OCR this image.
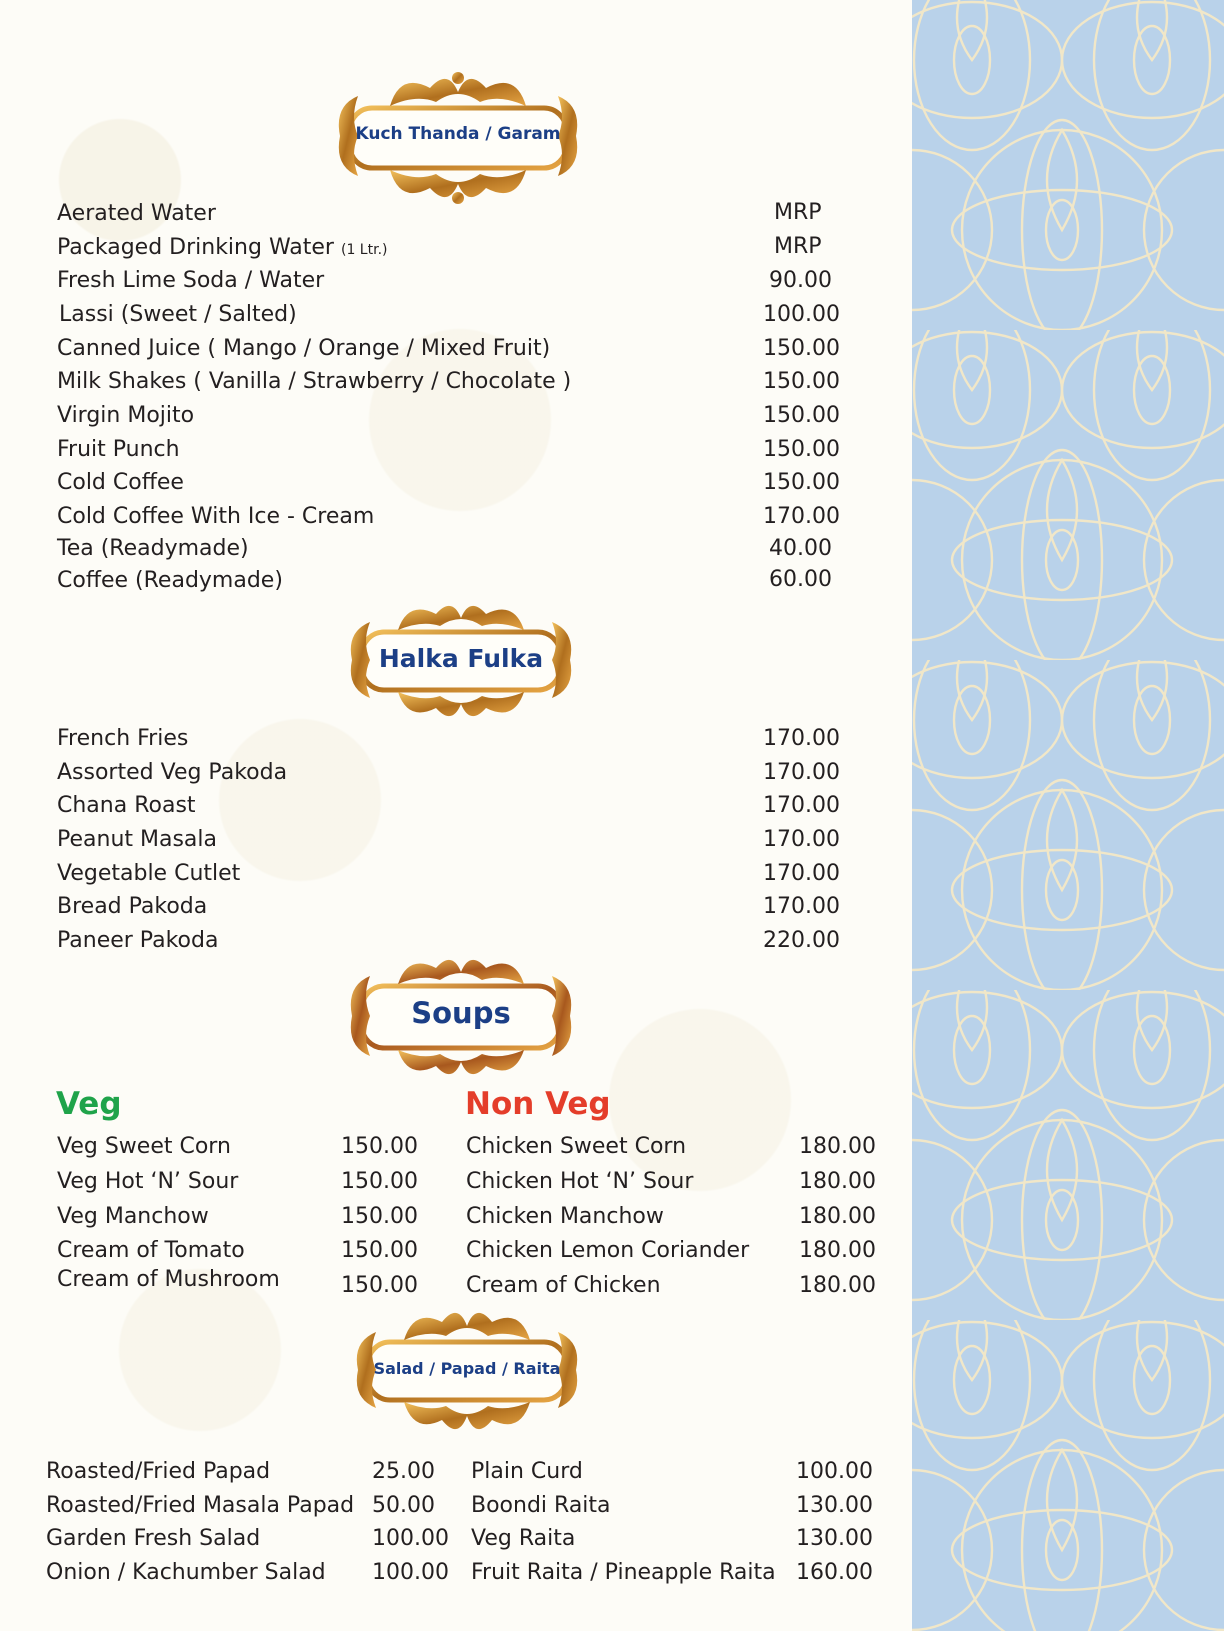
Kuch Thanda / Garam
Aerated Water	MRP
Packaged Drinking Water (1 Ltr.)	MRP
Fresh Lime Soda / Water	90.00
Lassi (Sweet / Salted)	100.00
Canned Juice ( Mango / Orange / Mixed Fruit)	150.00
Milk Shakes ( Vanilla / Strawberry / Chocolate )	150.00
Virgin Mojito	150.00
Fruit Punch	150.00
Cold Coffee	150.00
Cold Coffee With Ice - Cream	170.00
Tea (Readymade)	40.00
Coffee (Readymade)	60.00
Halka Fulka
French Fries	170.00
Assorted Veg Pakoda	170.00
Chana Roast	170.00
Peanut Masala	170.00
Vegetable Cutlet	170.00
Bread Pakoda	170.00
Paneer Pakoda	220.00
Soups
Veg	Non Veg
Veg Sweet Corn	150.00
Veg Hot ‘N’ Sour	150.00
Veg Manchow	150.00
Cream of Tomato	150.00
Cream of Mushroom	150.00
Chicken Sweet Corn	180.00
Chicken Hot ‘N’ Sour	180.00
Chicken Manchow	180.00
Chicken Lemon Coriander 180.00
Cream of Chicken	180.00
Salad / Papad / Raita
Roasted/Fried Papad	25.00
Roasted/Fried Masala Papad 50.00
Garden Fresh Salad	100.00
Onion / Kachumber Salad 100.00
Plain Curd	100.00
Boondi Raita	130.00
Veg Raita	130.00
Fruit Raita / Pineapple Raita 160.00
